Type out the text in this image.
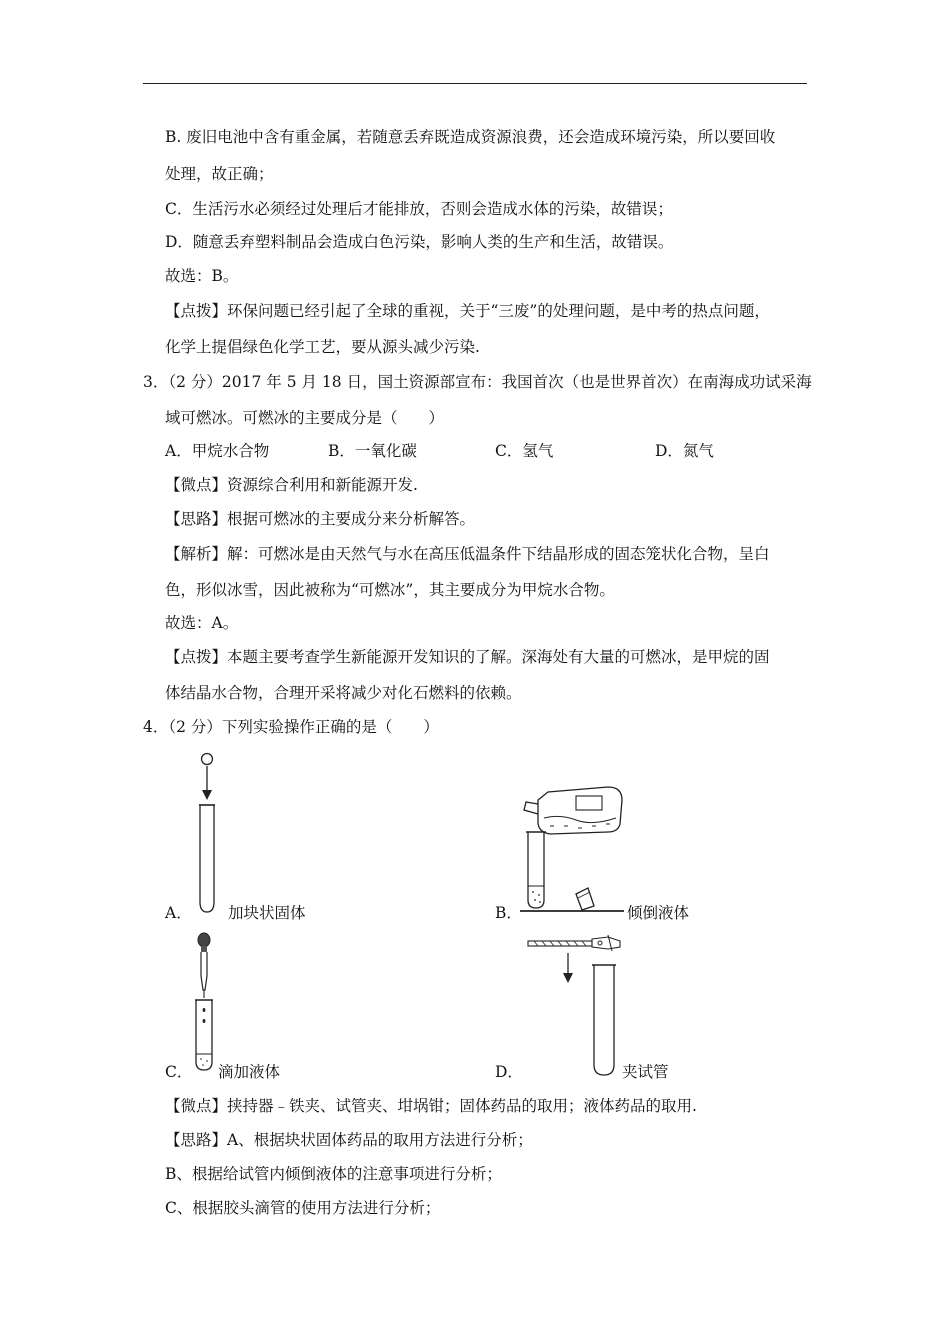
B. 废旧电池中含有重金属，若随意丢弃既造成资源浪费，还会造成环境污染，所以要回收
处理，故正确；
C．生活污水必须经过处理后才能排放，否则会造成水体的污染，故错误；
D．随意丢弃塑料制品会造成白色污染，影响人类的生产和生活，故错误。
故选：B。
【点拨】环保问题已经引起了全球的重视，关于“三废”的处理问题，是中考的热点问题，
化学上提倡绿色化学工艺，要从源头减少污染.
3．（2 分）2017 年 5 月 18 日，国土资源部宣布：我国首次（也是世界首次）在南海成功试采海
域可燃冰。可燃冰的主要成分是（　　）
A．甲烷水合物	B．一氧化碳	C．氢气	D．氮气
【微点】资源综合利用和新能源开发.
【思路】根据可燃冰的主要成分来分析解答。
【解析】解：可燃冰是由天然气与水在高压低温条件下结晶形成的固态笼状化合物，呈白
色，形似冰雪，因此被称为“可燃冰”，其主要成分为甲烷水合物。
故选：A。
【点拨】本题主要考查学生新能源开发知识的了解。深海处有大量的可燃冰，是甲烷的固
体结晶水合物，合理开采将减少对化石燃料的依赖。
4．（2 分）下列实验操作正确的是（　　）
A． 加块状固体	B．	倾倒液体
C． 滴加液体	D．	夹试管
【微点】挟持器﹣铁夹、试管夹、坩埚钳；固体药品的取用；液体药品的取用.
【思路】A、根据块状固体药品的取用方法进行分析；
B、根据给试管内倾倒液体的注意事项进行分析；
C、根据胶头滴管的使用方法进行分析；
